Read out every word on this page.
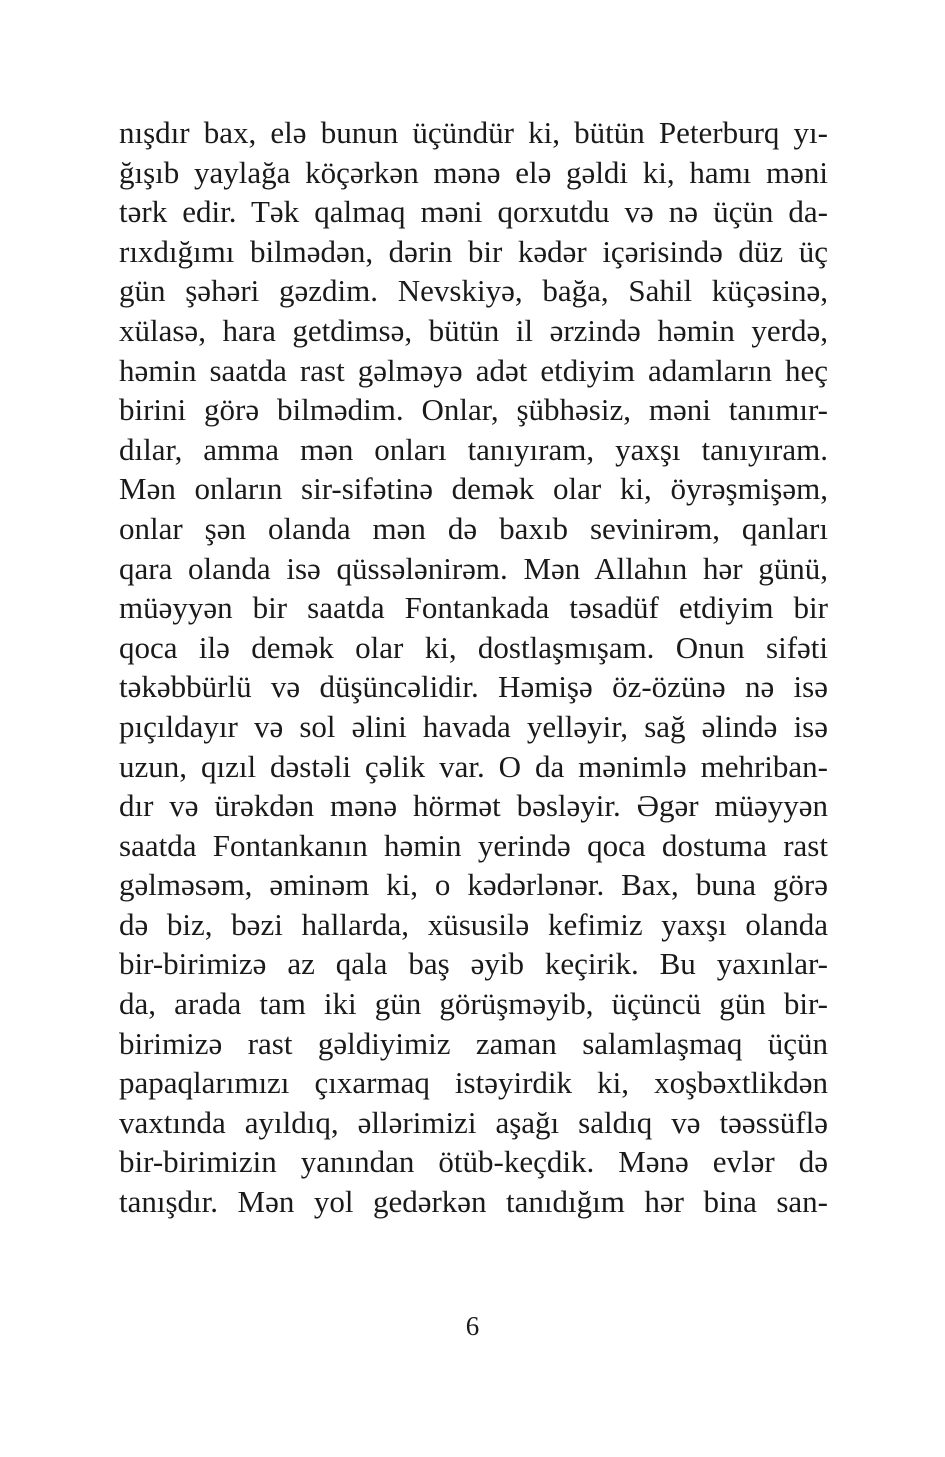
nışdır bax, elə bunun üçündür ki, bütün Peterburq yı-
ğışıb yaylağa köçərkən mənə elə gəldi ki, hamı məni
tərk edir. Tək qalmaq məni qorxutdu və nə üçün da-
rıxdığımı bilmədən, dərin bir kədər içərisində düz üç
gün şəhəri gəzdim. Nevskiyə, bağa, Sahil küçəsinə,
xülasə, hara getdimsə, bütün il ərzində həmin yerdə,
həmin saatda rast gəlməyə adət etdiyim adamların heç
birini görə bilmədim. Onlar, şübhəsiz, məni tanımır-
dılar, amma mən onları tanıyıram, yaxşı tanıyıram.
Mən onların sir-sifətinə demək olar ki, öyrəşmişəm,
onlar şən olanda mən də baxıb sevinirəm, qanları
qara olanda isə qüssələnirəm. Mən Allahın hər günü,
müəyyən bir saatda Fontankada təsadüf etdiyim bir
qoca ilə demək olar ki, dostlaşmışam. Onun sifəti
təkəbbürlü və düşüncəlidir. Həmişə öz-özünə nə isə
pıçıldayır və sol əlini havada yelləyir, sağ əlində isə
uzun, qızıl dəstəli çəlik var. O da mənimlə mehriban-
dır və ürəkdən mənə hörmət bəsləyir. Əgər müəyyən
saatda Fontankanın həmin yerində qoca dostuma rast
gəlməsəm, əminəm ki, o kədərlənər. Bax, buna görə
də biz, bəzi hallarda, xüsusilə kefimiz yaxşı olanda
bir-birimizə az qala baş əyib keçirik. Bu yaxınlar-
da, arada tam iki gün görüşməyib, üçüncü gün bir-
birimizə rast gəldiyimiz zaman salamlaşmaq üçün
papaqlarımızı çıxarmaq istəyirdik ki, xoşbəxtlikdən
vaxtında ayıldıq, əllərimizi aşağı saldıq və təəssüflə
bir-birimizin yanından ötüb-keçdik. Mənə evlər də
tanışdır. Mən yol gedərkən tanıdığım hər bina san-
6
